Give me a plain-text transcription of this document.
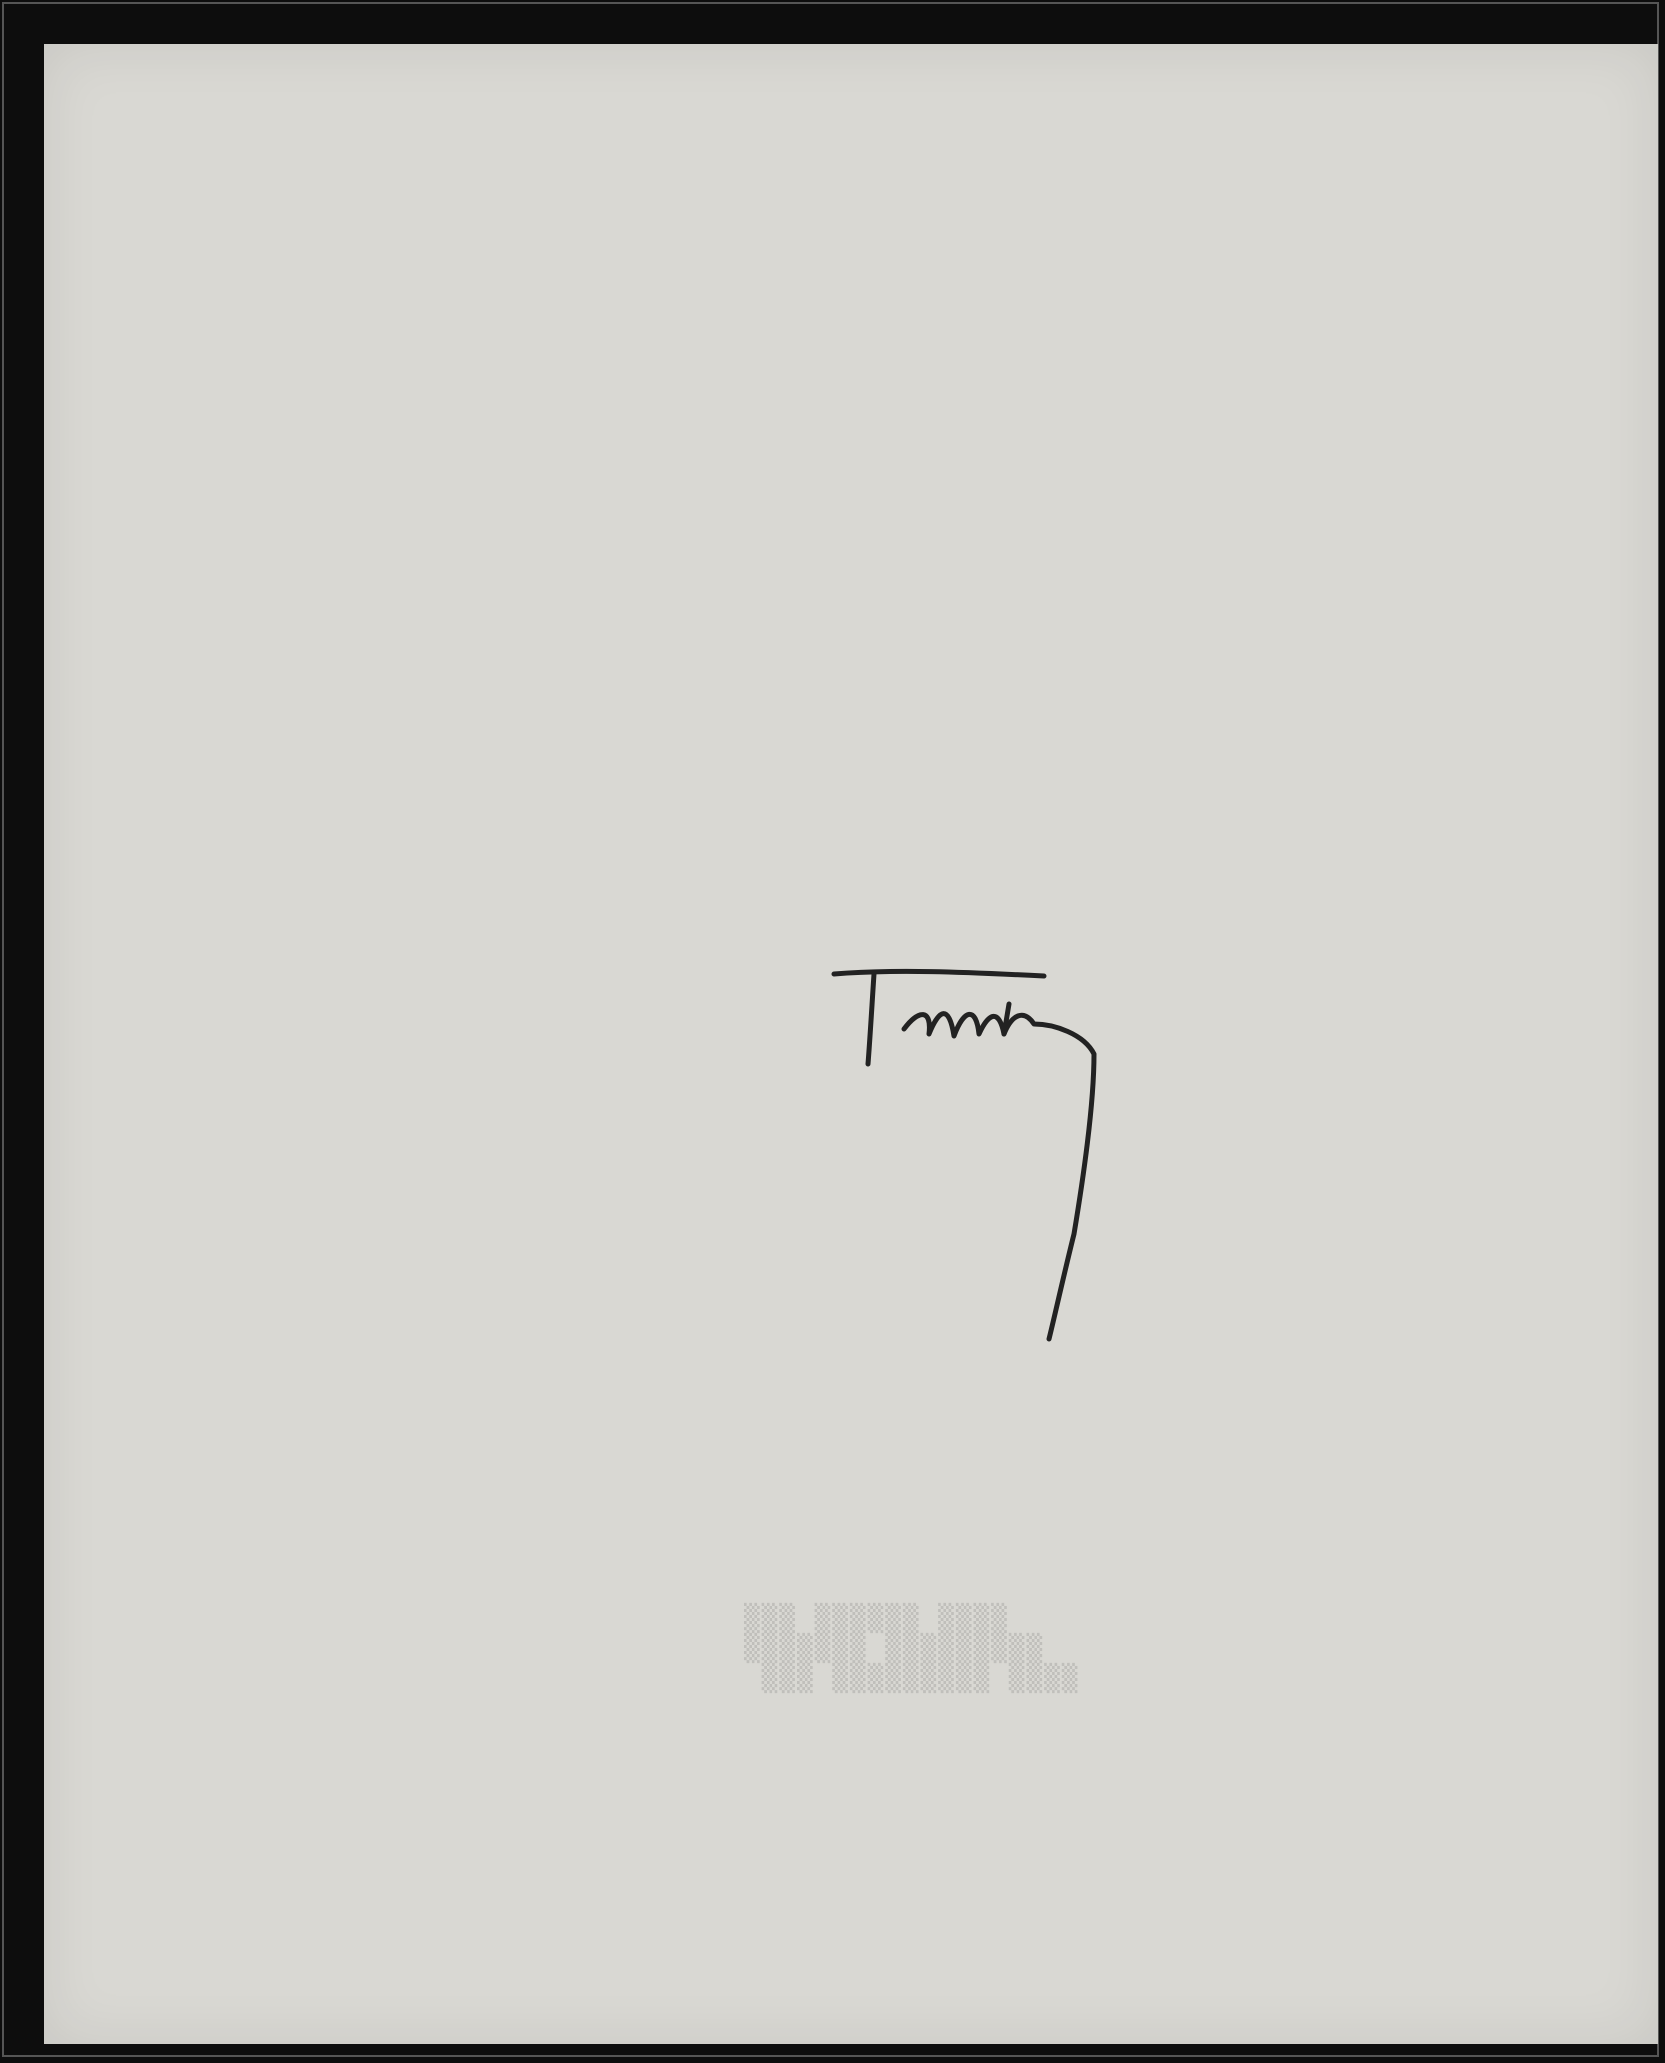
▒▒▒ ▒▒▒▒▒▒ ▒▒▒▒
▒▒▒▒▒▒▒ ▒▒▒▒▒▒▒▒▒
▒▒▒ ▒▒▒▒▒▒▒▒▒ ▒▒▒▒
